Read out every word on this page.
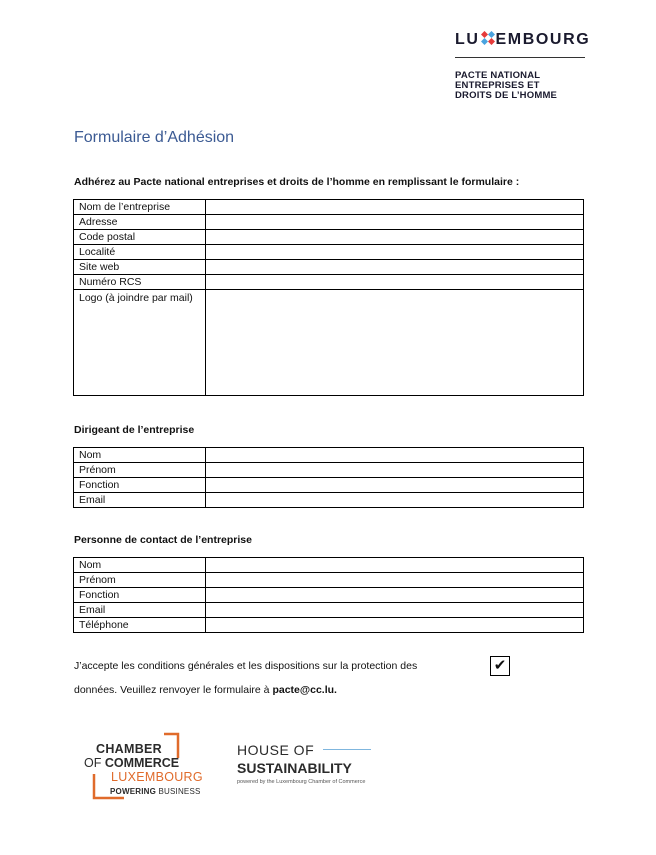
LU EMBOURG
PACTE NATIONAL
ENTREPRISES ET
DROITS DE L’HOMME
Formulaire d’Adhésion
Adhérez au Pacte national entreprises et droits de l’homme en remplissant le formulaire :
Nom de l’entreprise	
Adresse	
Code postal	
Localité	
Site web	
Numéro RCS	
Logo (à joindre par mail)	
Dirigeant de l’entreprise
Nom	
Prénom	
Fonction	
Email	
Personne de contact de l’entreprise
Nom	
Prénom	
Fonction	
Email	
Téléphone	
J’accepte les conditions générales et les dispositions sur la protection des	✔
données. Veuillez renvoyer le formulaire à pacte@cc.lu.
CHAMBER
OF COMMERCE
LUXEMBOURG
POWERING BUSINESS
HOUSE OF
SUSTAINABILITY
powered by the Luxembourg Chamber of Commerce
